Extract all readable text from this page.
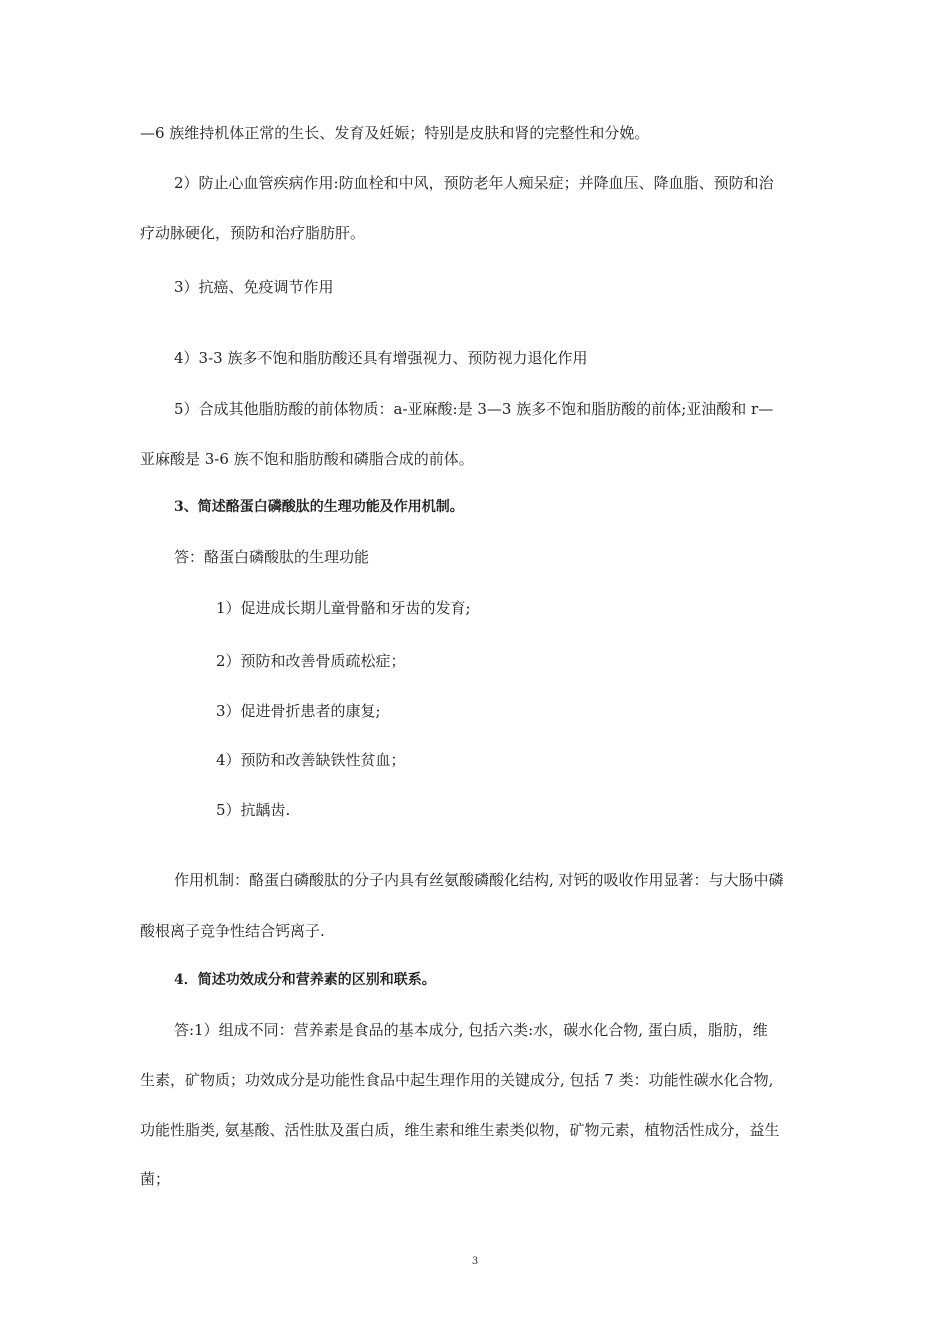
—6 族维持机体正常的生长、发育及妊娠；特别是皮肤和肾的完整性和分娩。
2）防止心血管疾病作用:防血栓和中风，预防老年人痴呆症；并降血压、降血脂、预防和治
疗动脉硬化，预防和治疗脂肪肝。
3）抗癌、免疫调节作用
4）3-3 族多不饱和脂肪酸还具有增强视力、预防视力退化作用
5）合成其他脂肪酸的前体物质：a-亚麻酸:是 3—3 族多不饱和脂肪酸的前体;亚油酸和 r—
亚麻酸是 3-6 族不饱和脂肪酸和磷脂合成的前体。
3、简述酪蛋白磷酸肽的生理功能及作用机制。
答：酪蛋白磷酸肽的生理功能
1）促进成长期儿童骨骼和牙齿的发育;
2）预防和改善骨质疏松症；
3）促进骨折患者的康复;
4）预防和改善缺铁性贫血；
5）抗龋齿.
作用机制：酪蛋白磷酸肽的分子内具有丝氨酸磷酸化结构, 对钙的吸收作用显著：与大肠中磷
酸根离子竞争性结合钙离子.
4．简述功效成分和营养素的区别和联系。
答:1）组成不同：营养素是食品的基本成分, 包括六类:水，碳水化合物, 蛋白质，脂肪，维
生素，矿物质；功效成分是功能性食品中起生理作用的关键成分, 包括 7 类：功能性碳水化合物,
功能性脂类, 氨基酸、活性肽及蛋白质，维生素和维生素类似物，矿物元素，植物活性成分，益生
菌；
3
